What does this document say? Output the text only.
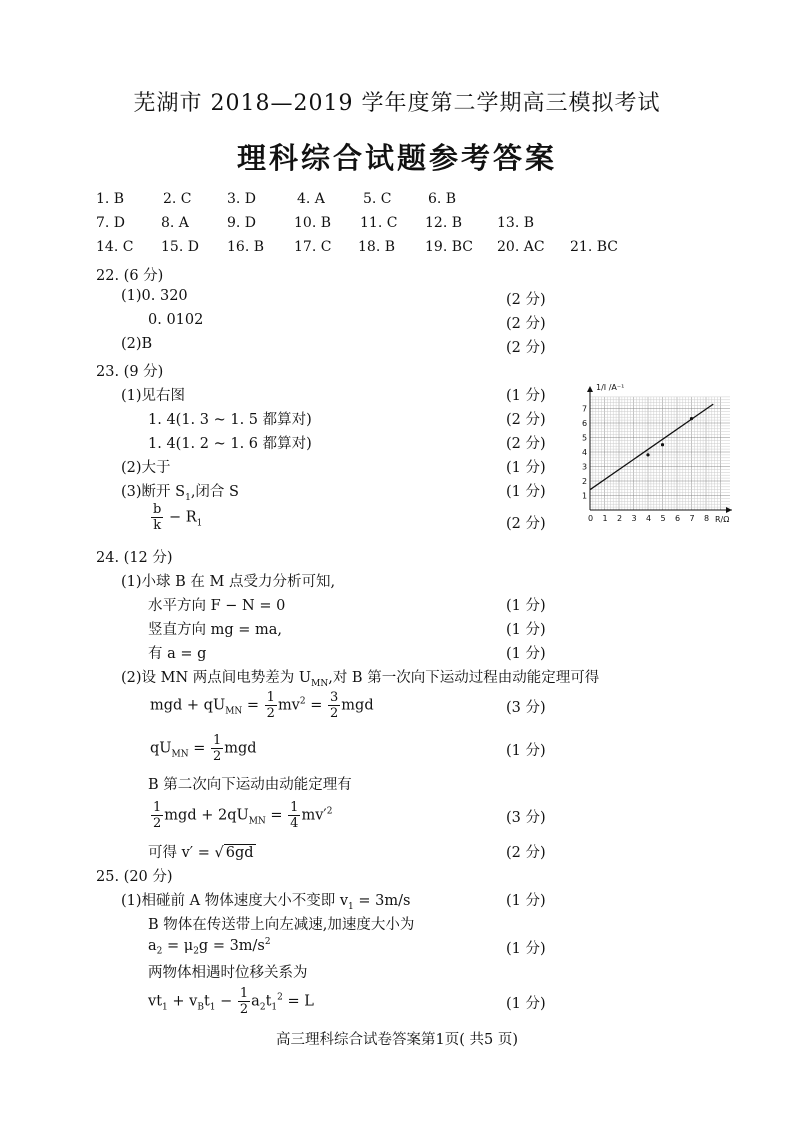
芜湖市 2018—2019 学年度第二学期高三模拟考试
理科综合试题参考答案
1. B	2. C	3. D	4. A	5. C	6. B
7. D	8. A	9. D	10. B 11. C 12. B 13. B
14. C 15. D 16. B 17. C 18. B 19. BC 20. AC 21. BC
22. (6 分)
(1)0. 320	(2 分)
0. 0102	(2 分)
(2)B	(2 分)
23. (9 分)
(1)见右图	(1 分)
1. 4(1. 3 ~ 1. 5 都算对)	(2 分)
1. 4(1. 2 ~ 1. 6 都算对)	(2 分)
(2)大于	(1 分)
(3)断开 $S_1$,闭合 S	(1 分)
$\frac{b}{k} - R_1$	(2 分)
1/I /A⁻¹
R/Ω
1
2
3
4
5
6
7
0 1 2 3 4 5 6 7 8
24. (12 分)
(1)小球 B 在 M 点受力分析可知,
水平方向 F − N = 0	(1 分)
竖直方向 mg = ma,	(1 分)
有 a = g	(1 分)
(2)设 MN 两点间电势差为 $U_{MN}$,对 B 第一次向下运动过程由动能定理可得
mgd + $qU_{MN} = \frac{1}{2} mv^2 = \frac{3}{2}$ mgd	(3 分)
$qU_{MN} = \frac{1}{2}$ mgd	(1 分)
B 第二次向下运动由动能定理有
$\frac{1}{2}$ mgd + $2qU_{MN} = \frac{1}{4} mv'^2$	(3 分)
可得 v′ = √ 6gd	(2 分)
25. (20 分)
(1)相碰前 A 物体速度大小不变即 $v_1 = 3m/s$	(1 分)
B 物体在传送带上向左减速,加速度大小为
$a_2 = \mu_2g = 3m/s^2$	(1 分)
两物体相遇时位移关系为
$vt_1 + v_Bt_1 - \frac{1}{2} a_2t_1^2 = L$	(1 分)
高三理科综合试卷答案第1页( 共5 页)
